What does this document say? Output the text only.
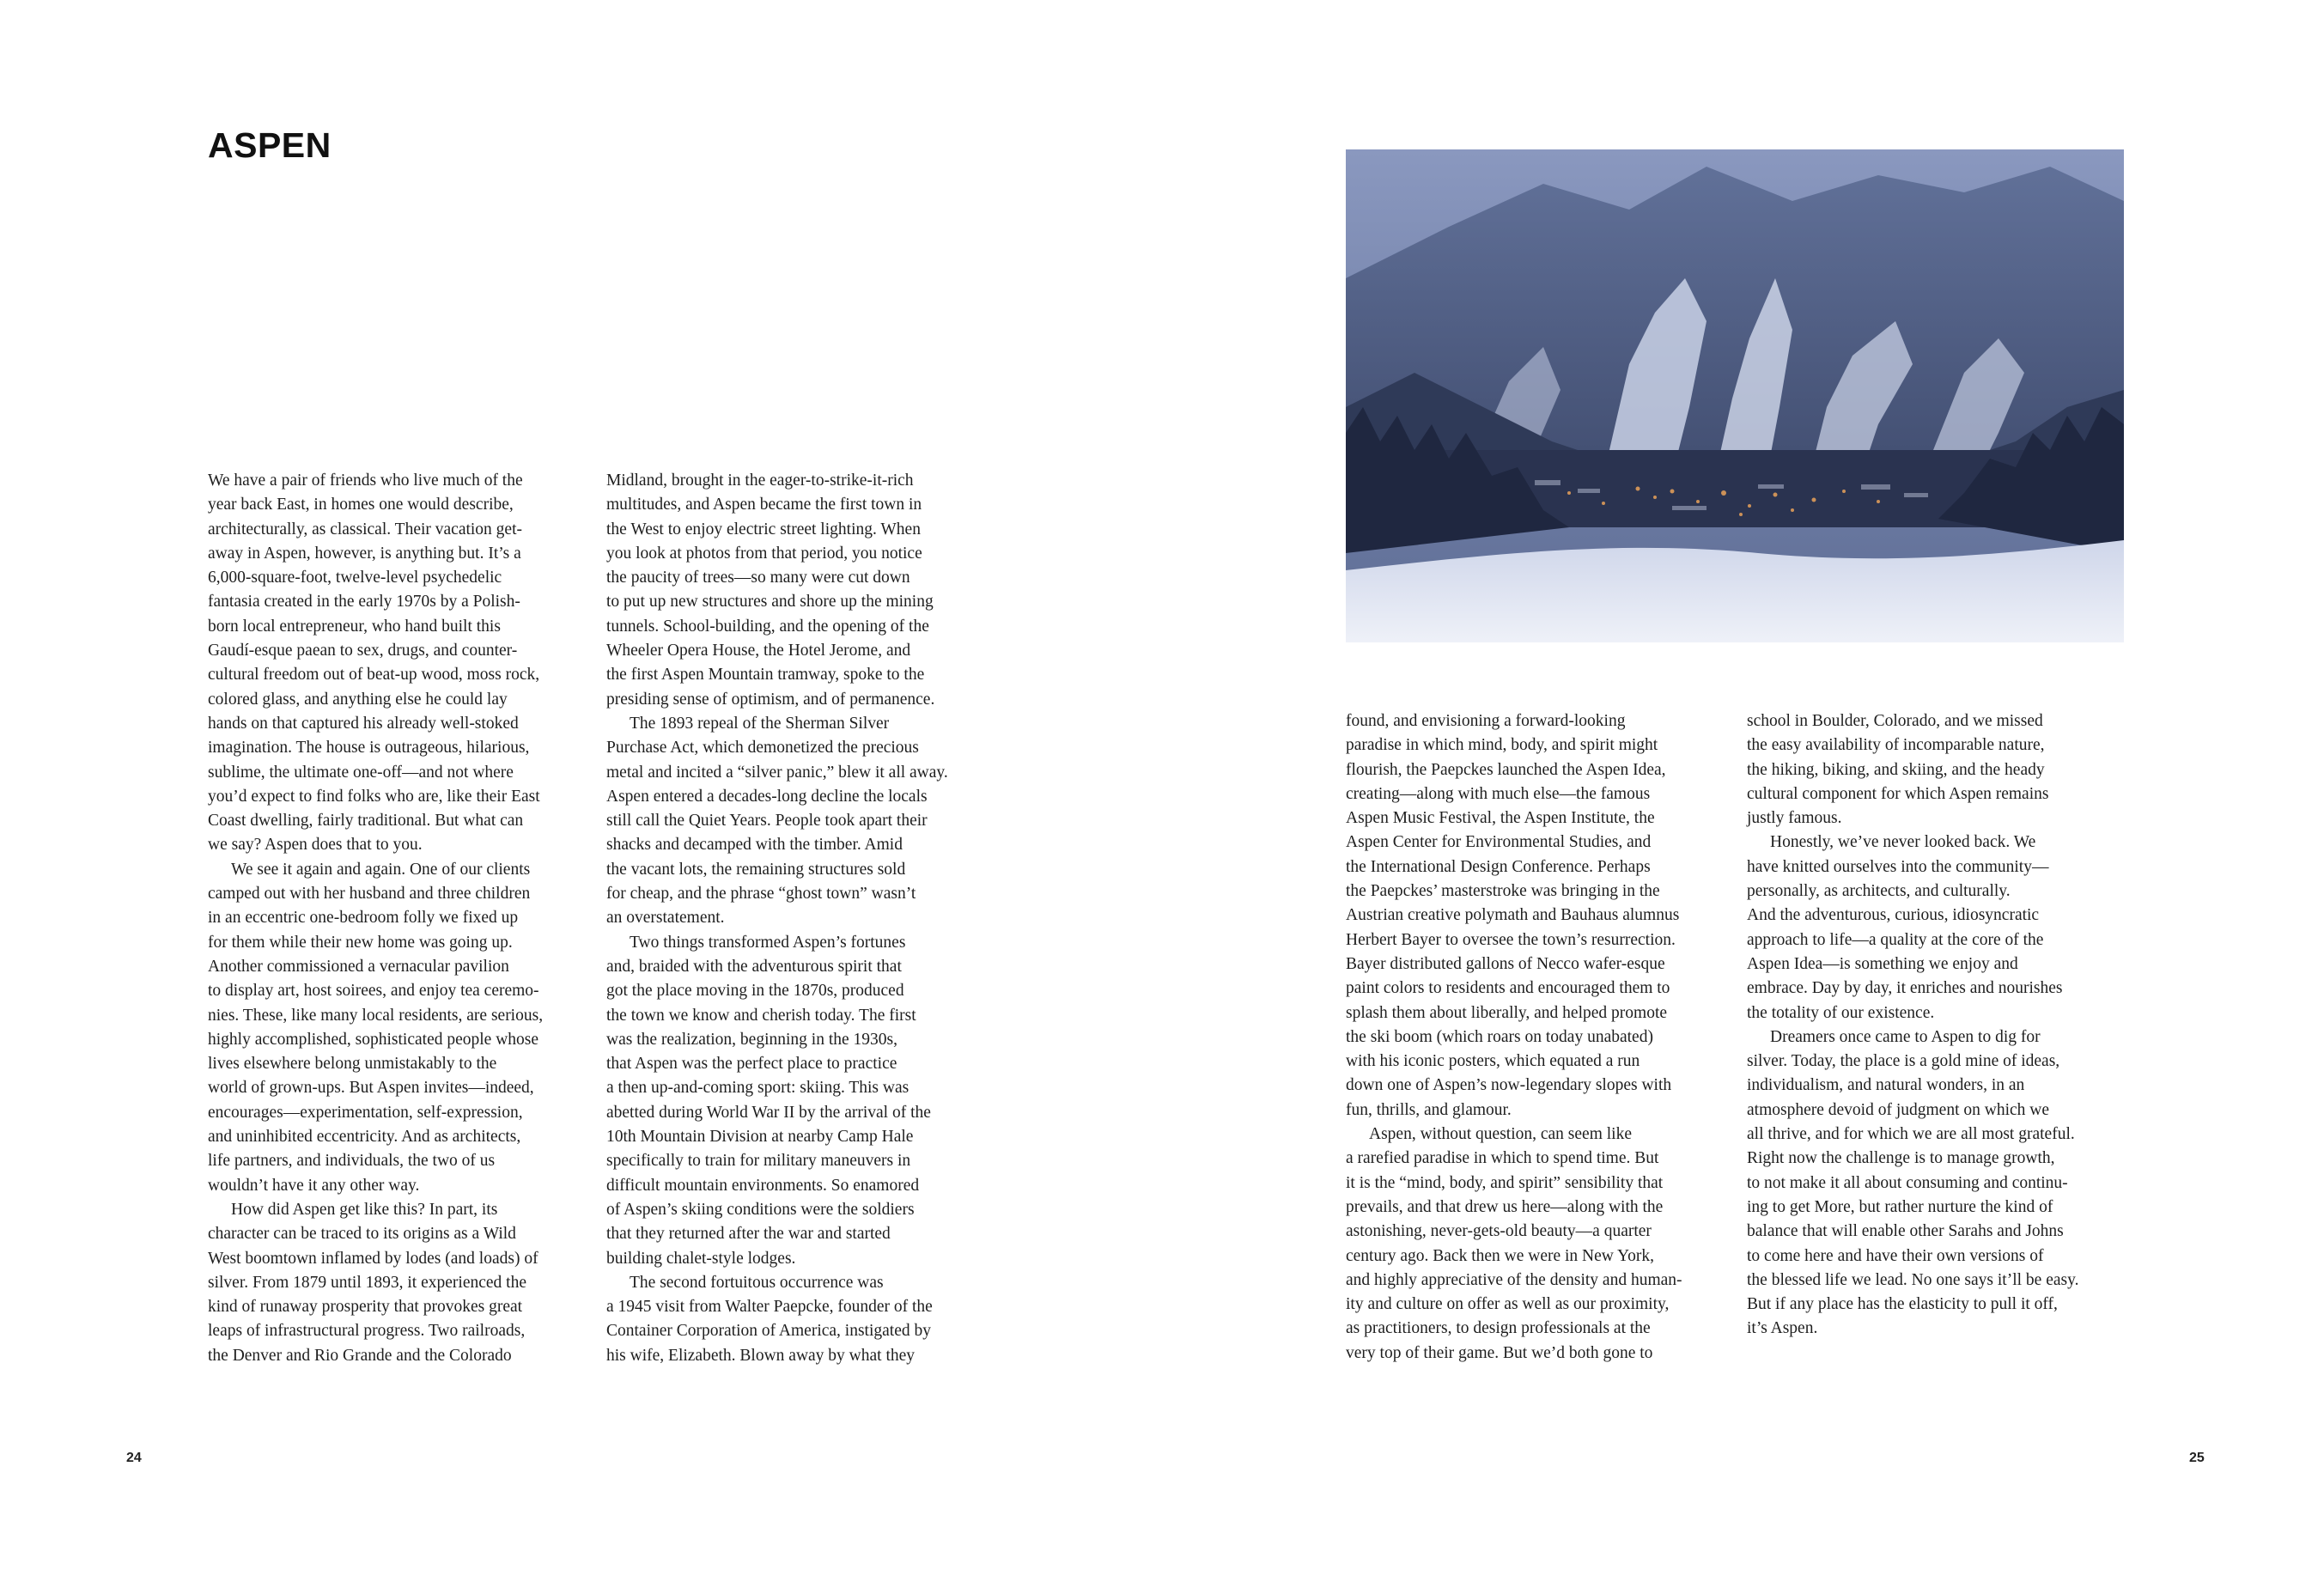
ASPEN
We have a pair of friends who live much of the
year back East, in homes one would describe,
architecturally, as classical. Their vacation get-
away in Aspen, however, is anything but. It’s a
6,000-square-foot, twelve-level psychedelic
fantasia created in the early 1970s by a Polish-
born local entrepreneur, who hand built this
Gaudí-esque paean to sex, drugs, and counter-
cultural freedom out of beat-up wood, moss rock,
colored glass, and anything else he could lay
hands on that captured his already well-stoked
imagination. The house is outrageous, hilarious,
sublime, the ultimate one-off—and not where
you’d expect to find folks who are, like their East
Coast dwelling, fairly traditional. But what can
we say? Aspen does that to you.
We see it again and again. One of our clients
camped out with her husband and three children
in an eccentric one-bedroom folly we fixed up
for them while their new home was going up.
Another commissioned a vernacular pavilion
to display art, host soirees, and enjoy tea ceremo-
nies. These, like many local residents, are serious,
highly accomplished, sophisticated people whose
lives elsewhere belong unmistakably to the
world of grown-ups. But Aspen invites—indeed,
encourages—experimentation, self-expression,
and uninhibited eccentricity. And as architects,
life partners, and individuals, the two of us
wouldn’t have it any other way.
How did Aspen get like this? In part, its
character can be traced to its origins as a Wild
West boomtown inflamed by lodes (and loads) of
silver. From 1879 until 1893, it experienced the
kind of runaway prosperity that provokes great
leaps of infrastructural progress. Two railroads,
the Denver and Rio Grande and the Colorado
Midland, brought in the eager-to-strike-it-rich
multitudes, and Aspen became the first town in
the West to enjoy electric street lighting. When
you look at photos from that period, you notice
the paucity of trees—so many were cut down
to put up new structures and shore up the mining
tunnels. School-building, and the opening of the
Wheeler Opera House, the Hotel Jerome, and
the first Aspen Mountain tramway, spoke to the
presiding sense of optimism, and of permanence.
The 1893 repeal of the Sherman Silver
Purchase Act, which demonetized the precious
metal and incited a “silver panic,” blew it all away.
Aspen entered a decades-long decline the locals
still call the Quiet Years. People took apart their
shacks and decamped with the timber. Amid
the vacant lots, the remaining structures sold
for cheap, and the phrase “ghost town” wasn’t
an overstatement.
Two things transformed Aspen’s fortunes
and, braided with the adventurous spirit that
got the place moving in the 1870s, produced
the town we know and cherish today. The first
was the realization, beginning in the 1930s,
that Aspen was the perfect place to practice
a then up-and-coming sport: skiing. This was
abetted during World War II by the arrival of the
10th Mountain Division at nearby Camp Hale
specifically to train for military maneuvers in
difficult mountain environments. So enamored
of Aspen’s skiing conditions were the soldiers
that they returned after the war and started
building chalet-style lodges.
The second fortuitous occurrence was
a 1945 visit from Walter Paepcke, founder of the
Container Corporation of America, instigated by
his wife, Elizabeth. Blown away by what they

24

found, and envisioning a forward-looking
paradise in which mind, body, and spirit might
flourish, the Paepckes launched the Aspen Idea,
creating—along with much else—the famous
Aspen Music Festival, the Aspen Institute, the
Aspen Center for Environmental Studies, and
the International Design Conference. Perhaps
the Paepckes’ masterstroke was bringing in the
Austrian creative polymath and Bauhaus alumnus
Herbert Bayer to oversee the town’s resurrection.
Bayer distributed gallons of Necco wafer-esque
paint colors to residents and encouraged them to
splash them about liberally, and helped promote
the ski boom (which roars on today unabated)
with his iconic posters, which equated a run
down one of Aspen’s now-legendary slopes with
fun, thrills, and glamour.
Aspen, without question, can seem like
a rarefied paradise in which to spend time. But
it is the “mind, body, and spirit” sensibility that
prevails, and that drew us here—along with the
astonishing, never-gets-old beauty—a quarter
century ago. Back then we were in New York,
and highly appreciative of the density and human-
ity and culture on offer as well as our proximity,
as practitioners, to design professionals at the
very top of their game. But we’d both gone to
school in Boulder, Colorado, and we missed
the easy availability of incomparable nature,
the hiking, biking, and skiing, and the heady
cultural component for which Aspen remains
justly famous.
Honestly, we’ve never looked back. We
have knitted ourselves into the community—
personally, as architects, and culturally.
And the adventurous, curious, idiosyncratic
approach to life—a quality at the core of the
Aspen Idea—is something we enjoy and
embrace. Day by day, it enriches and nourishes
the totality of our existence.
Dreamers once came to Aspen to dig for
silver. Today, the place is a gold mine of ideas,
individualism, and natural wonders, in an
atmosphere devoid of judgment on which we
all thrive, and for which we are all most grateful.
Right now the challenge is to manage growth,
to not make it all about consuming and continu-
ing to get More, but rather nurture the kind of
balance that will enable other Sarahs and Johns
to come here and have their own versions of
the blessed life we lead. No one says it’ll be easy.
But if any place has the elasticity to pull it off,
it’s Aspen.

25
